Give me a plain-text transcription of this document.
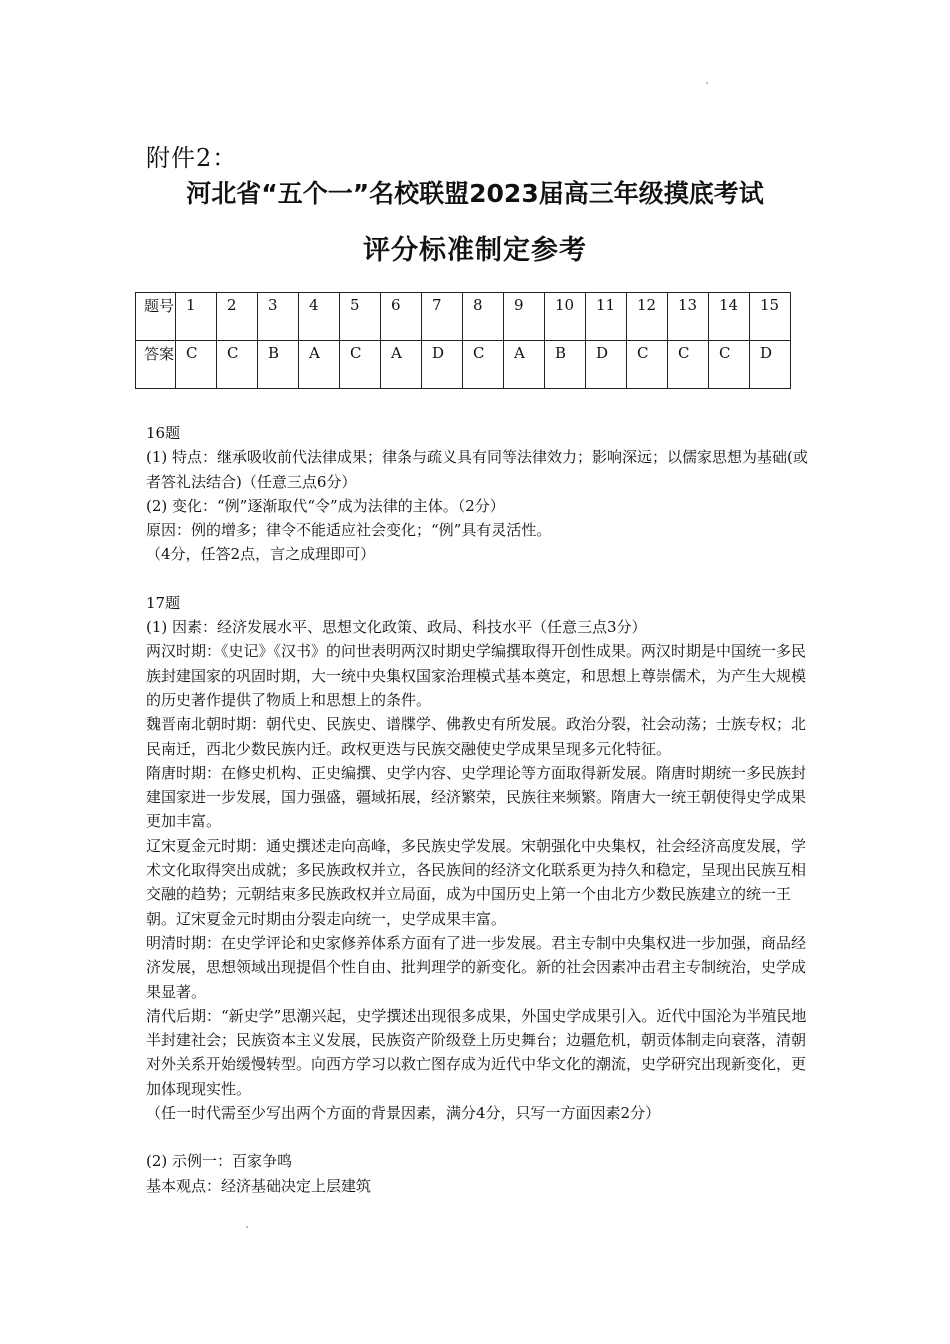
附件2：
河北省“五个一”名校联盟2023届高三年级摸底考试
评分标准制定参考
题号	1	2	3	4	5	6	7	8	9	10	11	12	13	14	15
答案	C	C	B	A	C	A	D	C	A	B	D	C	C	C	D

16题

(1) 特点：继承吸收前代法律成果；律条与疏义具有同等法律效力；影响深远；以儒家思想为基础(或者答礼法结合)（任意三点6分）

(2) 变化：“例”逐渐取代“令”成为法律的主体。（2分）

原因：例的增多；律令不能适应社会变化；“例”具有灵活性。

（4分，任答2点，言之成理即可）

17题

(1) 因素：经济发展水平、思想文化政策、政局、科技水平（任意三点3分）

两汉时期：《史记》《汉书》的问世表明两汉时期史学编撰取得开创性成果。两汉时期是中国统一多民族封建国家的巩固时期，大一统中央集权国家治理模式基本奠定，和思想上尊崇儒术，为产生大规模的历史著作提供了物质上和思想上的条件。

魏晋南北朝时期：朝代史、民族史、谱牒学、佛教史有所发展。政治分裂，社会动荡；士族专权；北民南迁，西北少数民族内迁。政权更迭与民族交融使史学成果呈现多元化特征。

隋唐时期：在修史机构、正史编撰、史学内容、史学理论等方面取得新发展。隋唐时期统一多民族封建国家进一步发展，国力强盛，疆域拓展，经济繁荣，民族往来频繁。隋唐大一统王朝使得史学成果更加丰富。

辽宋夏金元时期：通史撰述走向高峰，多民族史学发展。宋朝强化中央集权，社会经济高度发展，学术文化取得突出成就；多民族政权并立，各民族间的经济文化联系更为持久和稳定，呈现出民族互相交融的趋势；元朝结束多民族政权并立局面，成为中国历史上第一个由北方少数民族建立的统一王朝。辽宋夏金元时期由分裂走向统一，史学成果丰富。

明清时期：在史学评论和史家修养体系方面有了进一步发展。君主专制中央集权进一步加强，商品经济发展，思想领域出现提倡个性自由、批判理学的新变化。新的社会因素冲击君主专制统治，史学成果显著。

清代后期：“新史学”思潮兴起，史学撰述出现很多成果，外国史学成果引入。近代中国沦为半殖民地半封建社会；民族资本主义发展，民族资产阶级登上历史舞台；边疆危机，朝贡体制走向衰落，清朝对外关系开始缓慢转型。向西方学习以救亡图存成为近代中华文化的潮流，史学研究出现新变化，更加体现现实性。

（任一时代需至少写出两个方面的背景因素，满分4分，只写一方面因素2分）

(2) 示例一：百家争鸣

基本观点：经济基础决定上层建筑
